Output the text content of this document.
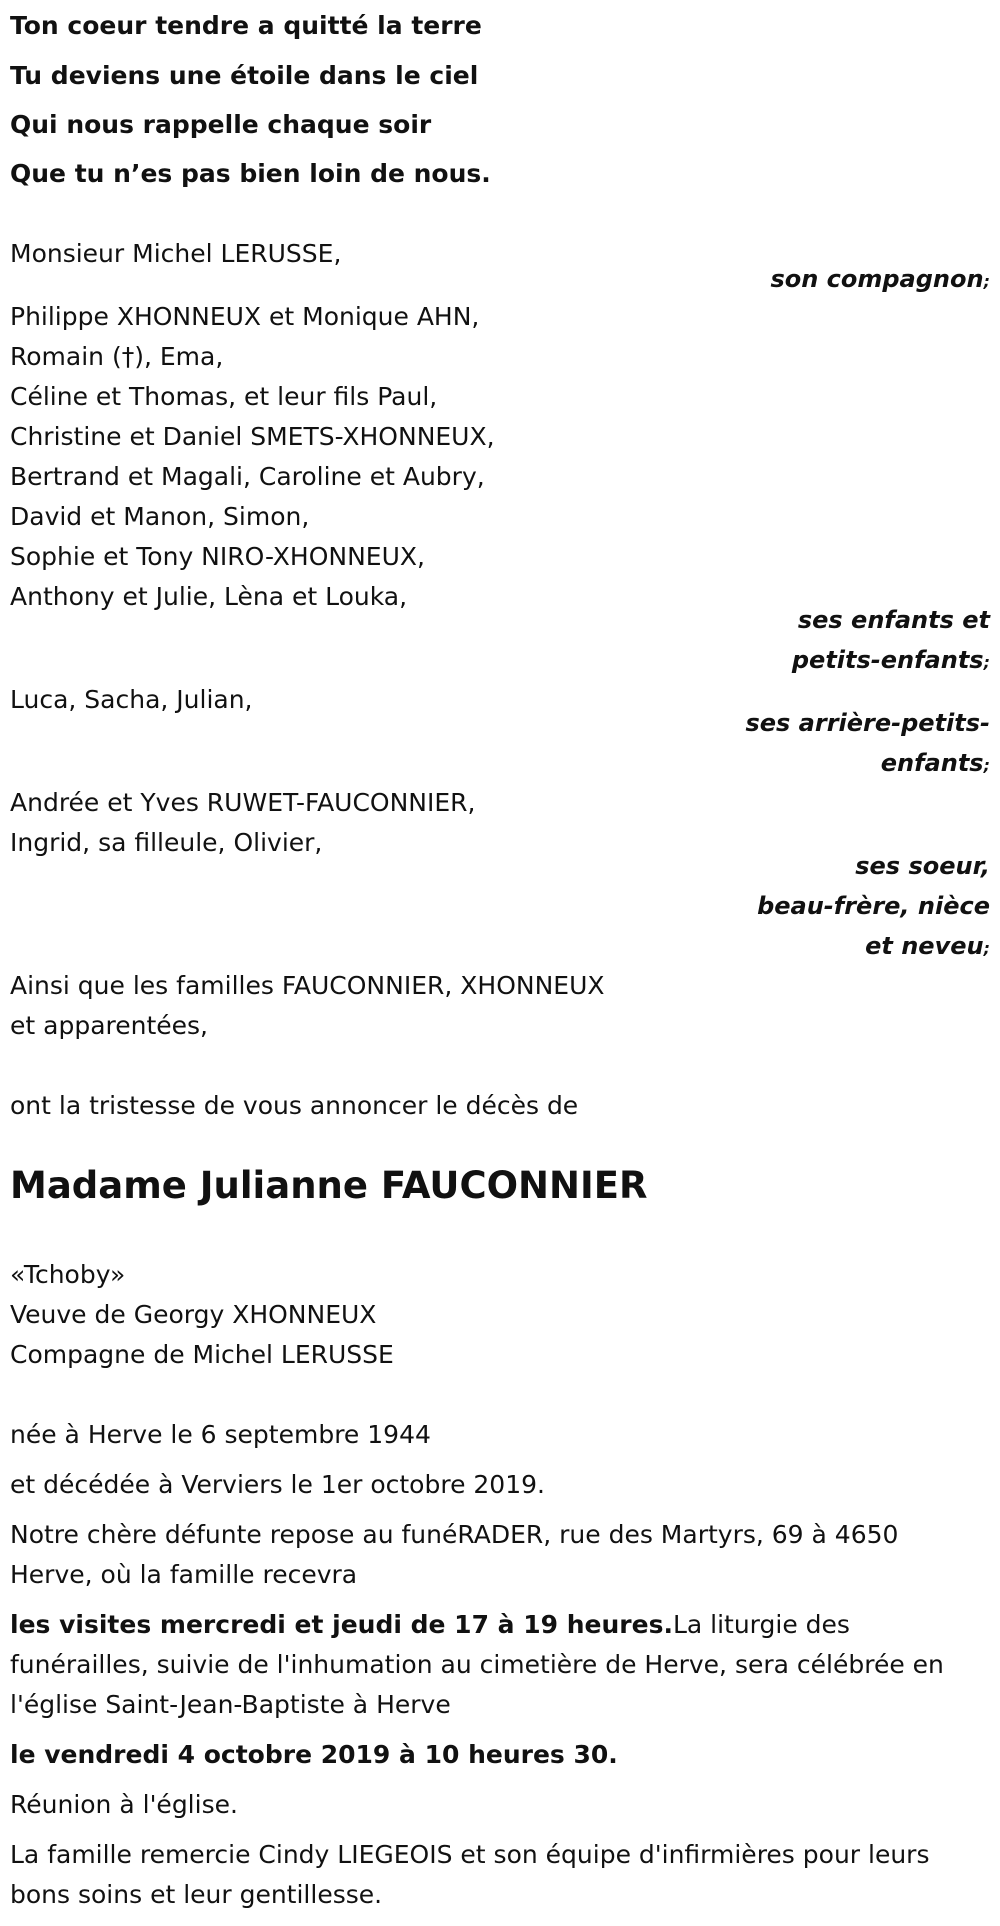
Ton coeur tendre a quitté la terre
Tu deviens une étoile dans le ciel
Qui nous rappelle chaque soir
Que tu n’es pas bien loin de nous.
Monsieur Michel LERUSSE,
son compagnon;
Philippe XHONNEUX et Monique AHN,
Romain (†), Ema,
Céline et Thomas, et leur fils Paul,
Christine et Daniel SMETS-XHONNEUX,
Bertrand et Magali, Caroline et Aubry,
David et Manon, Simon,
Sophie et Tony NIRO-XHONNEUX,
Anthony et Julie, Lèna et Louka,
ses enfants et
petits-enfants;
Luca, Sacha, Julian,
ses arrière-petits-
enfants;
Andrée et Yves RUWET-FAUCONNIER,
Ingrid, sa filleule, Olivier,
ses soeur,
beau-frère, nièce
et neveu;
Ainsi que les familles FAUCONNIER, XHONNEUX
et apparentées,
ont la tristesse de vous annoncer le décès de
Madame Julianne FAUCONNIER
«Tchoby»
Veuve de Georgy XHONNEUX
Compagne de Michel LERUSSE
née à Herve le 6 septembre 1944
et décédée à Verviers le 1er octobre 2019.
Notre chère défunte repose au funéRADER, rue des Martyrs, 69 à 4650 Herve, où la famille recevra
les visites mercredi et jeudi de 17 à 19 heures.La liturgie des funérailles, suivie de l'inhumation au cimetière de Herve, sera célébrée en l'église Saint-Jean-Baptiste à Herve
le vendredi 4 octobre 2019 à 10 heures 30.
Réunion à l'église.
La famille remercie Cindy LIEGEOIS et son équipe d'infirmières pour leurs bons soins et leur gentillesse.
